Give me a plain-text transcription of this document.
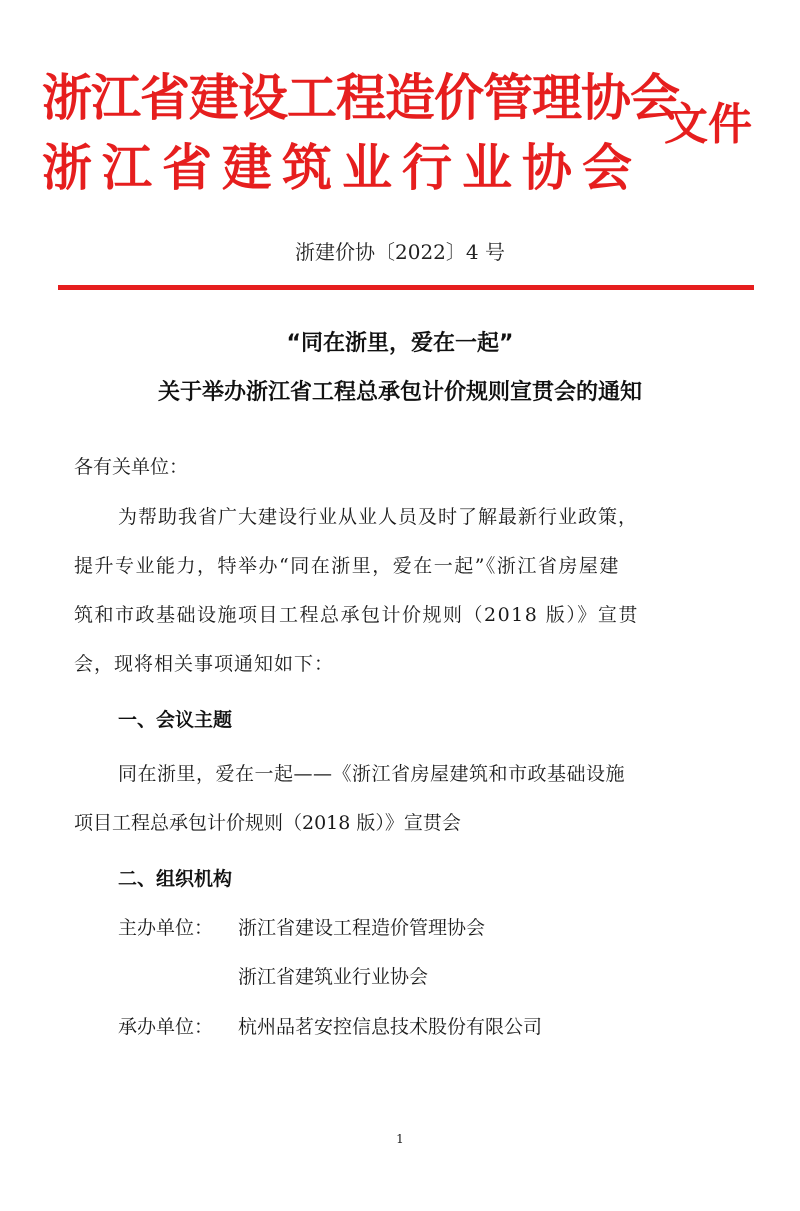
浙江省建设工程造价管理协会
浙江省建筑业行业协会
文件
浙建价协〔2022〕4 号
“同在浙里，爱在一起”
关于举办浙江省工程总承包计价规则宣贯会的通知
各有关单位：
为帮助我省广大建设行业从业人员及时了解最新行业政策，
提升专业能力，特举办“同在浙里，爱在一起”《浙江省房屋建
筑和市政基础设施项目工程总承包计价规则（2018 版）》宣贯
会，现将相关事项通知如下：
一、会议主题
同在浙里，爱在一起——《浙江省房屋建筑和市政基础设施
项目工程总承包计价规则（2018 版）》宣贯会
二、组织机构
主办单位： 浙江省建设工程造价管理协会
浙江省建筑业行业协会
承办单位： 杭州品茗安控信息技术股份有限公司
1
